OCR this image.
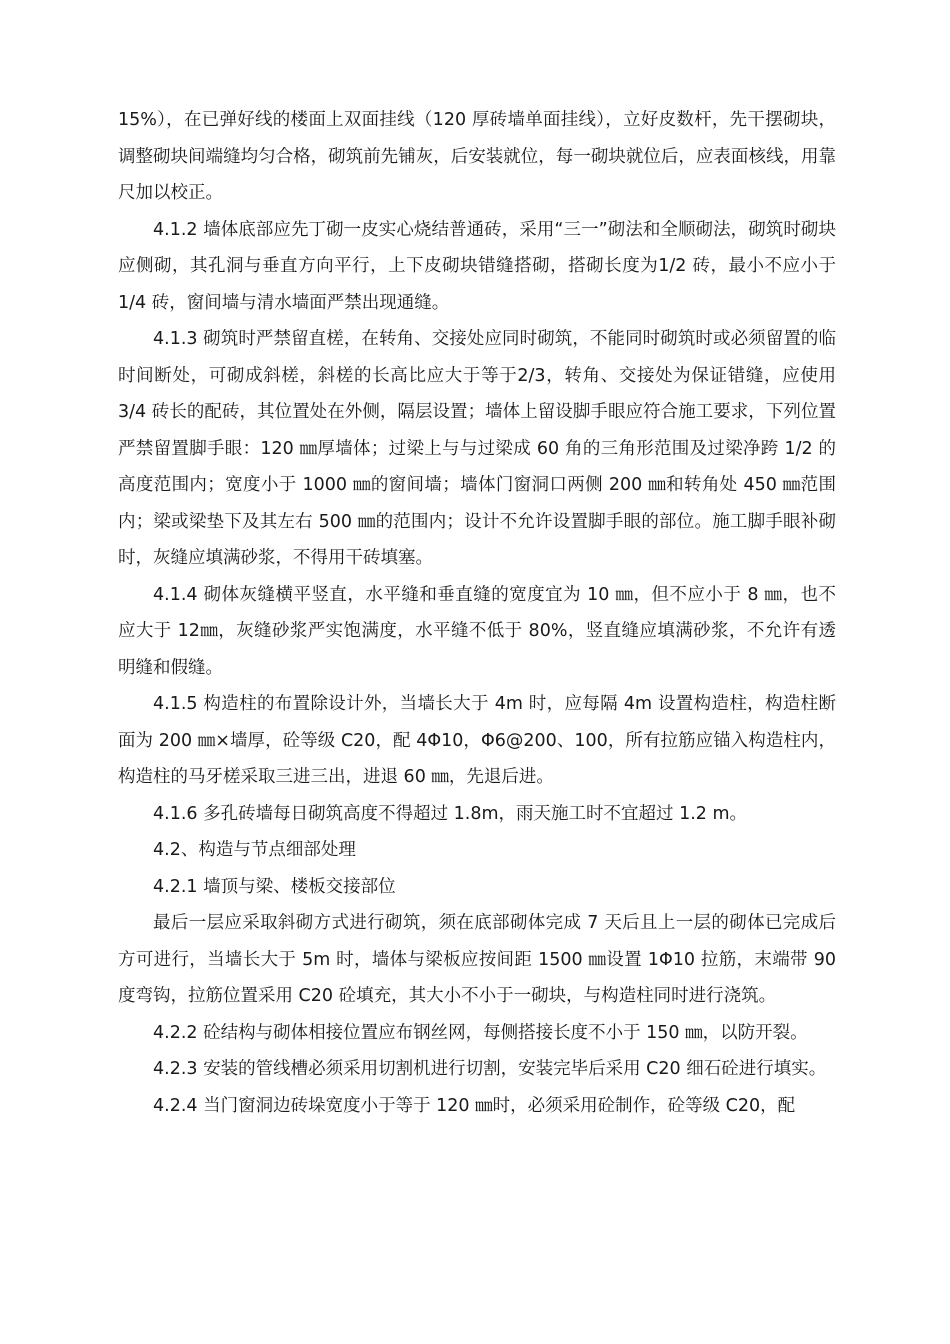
15%），在已弹好线的楼面上双面挂线（120 厚砖墙单面挂线），立好皮数杆，先干摆砌块，调整砌块间端缝均匀合格，砌筑前先铺灰，后安装就位，每一砌块就位后，应表面核线，用靠尺加以校正。

4.1.2 墙体底部应先丁砌一皮实心烧结普通砖，采用“三一”砌法和全顺砌法，砌筑时砌块应侧砌，其孔洞与垂直方向平行，上下皮砌块错缝搭砌，搭砌长度为1/2 砖，最小不应小于 1/4 砖，窗间墙与清水墙面严禁出现通缝。

4.1.3 砌筑时严禁留直槎，在转角、交接处应同时砌筑，不能同时砌筑时或必须留置的临时间断处，可砌成斜槎，斜槎的长高比应大于等于2/3，转角、交接处为保证错缝，应使用 3/4 砖长的配砖，其位置处在外侧，隔层设置；墙体上留设脚手眼应符合施工要求，下列位置严禁留置脚手眼：120 ㎜厚墙体；过梁上与与过梁成 60 角的三角形范围及过梁净跨 1/2 的高度范围内；宽度小于 1000 ㎜的窗间墙；墙体门窗洞口两侧 200 ㎜和转角处 450 ㎜范围内；梁或梁垫下及其左右 500 ㎜的范围内；设计不允许设置脚手眼的部位。施工脚手眼补砌时，灰缝应填满砂浆，不得用干砖填塞。

4.1.4 砌体灰缝横平竖直，水平缝和垂直缝的宽度宜为 10 ㎜，但不应小于 8 ㎜，也不应大于 12㎜，灰缝砂浆严实饱满度，水平缝不低于 80%，竖直缝应填满砂浆，不允许有透明缝和假缝。

4.1.5 构造柱的布置除设计外，当墙长大于 4m 时，应每隔 4m 设置构造柱，构造柱断面为 200 ㎜×墙厚，砼等级 C20，配 4Φ10，Φ6@200、100，所有拉筋应锚入构造柱内，构造柱的马牙槎采取三进三出，进退 60 ㎜，先退后进。

4.1.6 多孔砖墙每日砌筑高度不得超过 1.8m，雨天施工时不宜超过 1.2 m。

4.2、构造与节点细部处理

4.2.1 墙顶与梁、楼板交接部位

最后一层应采取斜砌方式进行砌筑，须在底部砌体完成 7 天后且上一层的砌体已完成后方可进行，当墙长大于 5m 时，墙体与梁板应按间距 1500 ㎜设置 1Φ10 拉筋，末端带 90 度弯钩，拉筋位置采用 C20 砼填充，其大小不小于一砌块，与构造柱同时进行浇筑。

4.2.2 砼结构与砌体相接位置应布钢丝网，每侧搭接长度不小于 150 ㎜，以防开裂。

4.2.3 安装的管线槽必须采用切割机进行切割，安装完毕后采用 C20 细石砼进行填实。

4.2.4 当门窗洞边砖垛宽度小于等于 120 ㎜时，必须采用砼制作，砼等级 C20，配
